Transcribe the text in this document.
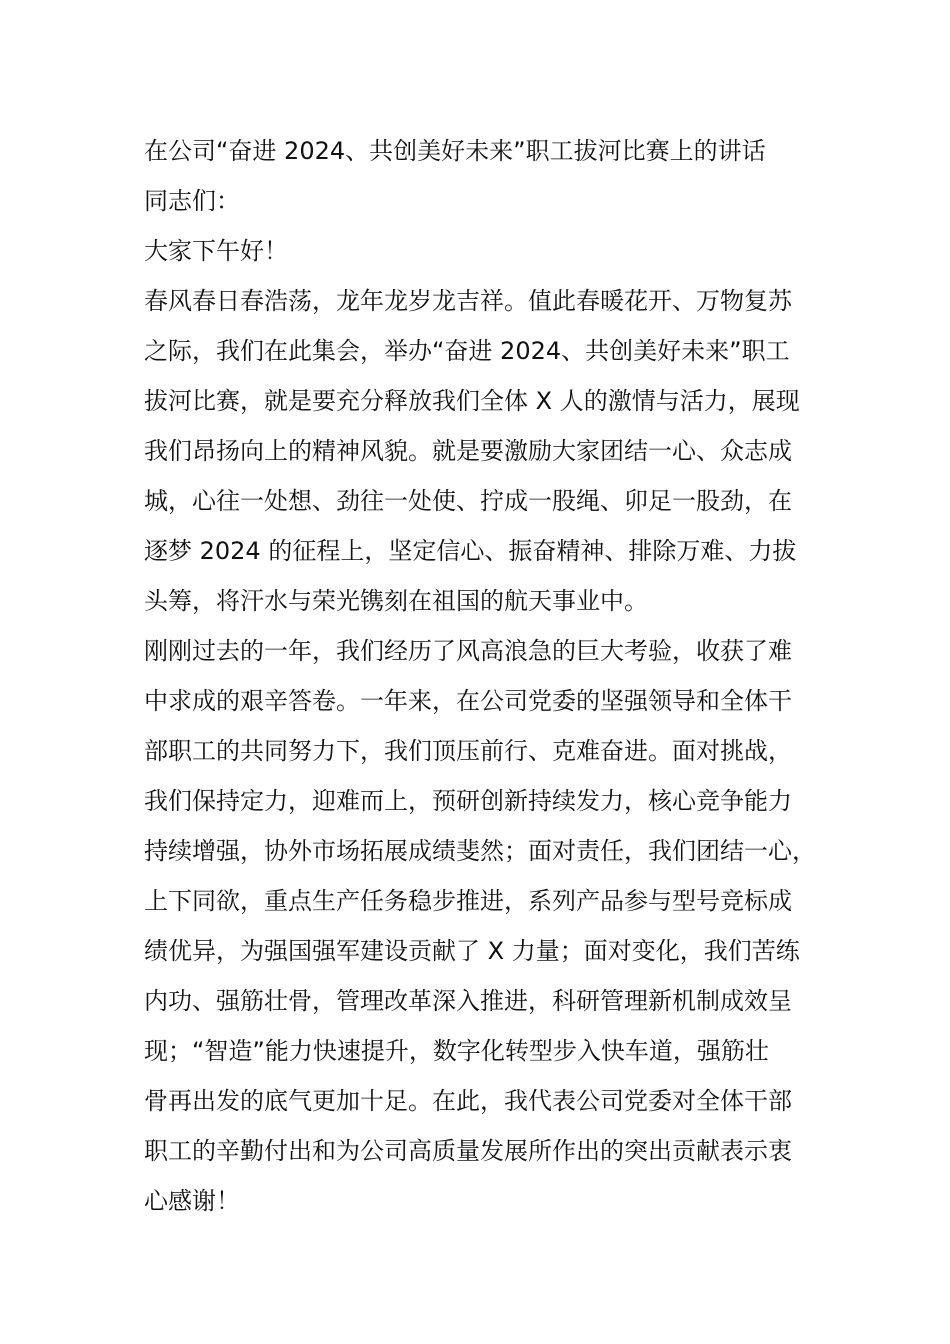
在公司“奋进 2024、共创美好未来”职工拔河比赛上的讲话
同志们：
大家下午好！
春风春日春浩荡，龙年龙岁龙吉祥。值此春暖花开、万物复苏
之际，我们在此集会，举办“奋进 2024、共创美好未来”职工
拔河比赛，就是要充分释放我们全体 X 人的激情与活力，展现
我们昂扬向上的精神风貌。就是要激励大家团结一心、众志成
城，心往一处想、劲往一处使、拧成一股绳、卯足一股劲，在
逐梦 2024 的征程上，坚定信心、振奋精神、排除万难、力拔
头筹，将汗水与荣光镌刻在祖国的航天事业中。
刚刚过去的一年，我们经历了风高浪急的巨大考验，收获了难
中求成的艰辛答卷。一年来，在公司党委的坚强领导和全体干
部职工的共同努力下，我们顶压前行、克难奋进。面对挑战，
我们保持定力，迎难而上，预研创新持续发力，核心竞争能力
持续增强，协外市场拓展成绩斐然；面对责任，我们团结一心，
上下同欲，重点生产任务稳步推进，系列产品参与型号竞标成
绩优异，为强国强军建设贡献了 X 力量；面对变化，我们苦练
内功、强筋壮骨，管理改革深入推进，科研管理新机制成效呈
现；“智造”能力快速提升，数字化转型步入快车道，强筋壮
骨再出发的底气更加十足。在此，我代表公司党委对全体干部
职工的辛勤付出和为公司高质量发展所作出的突出贡献表示衷
心感谢！
